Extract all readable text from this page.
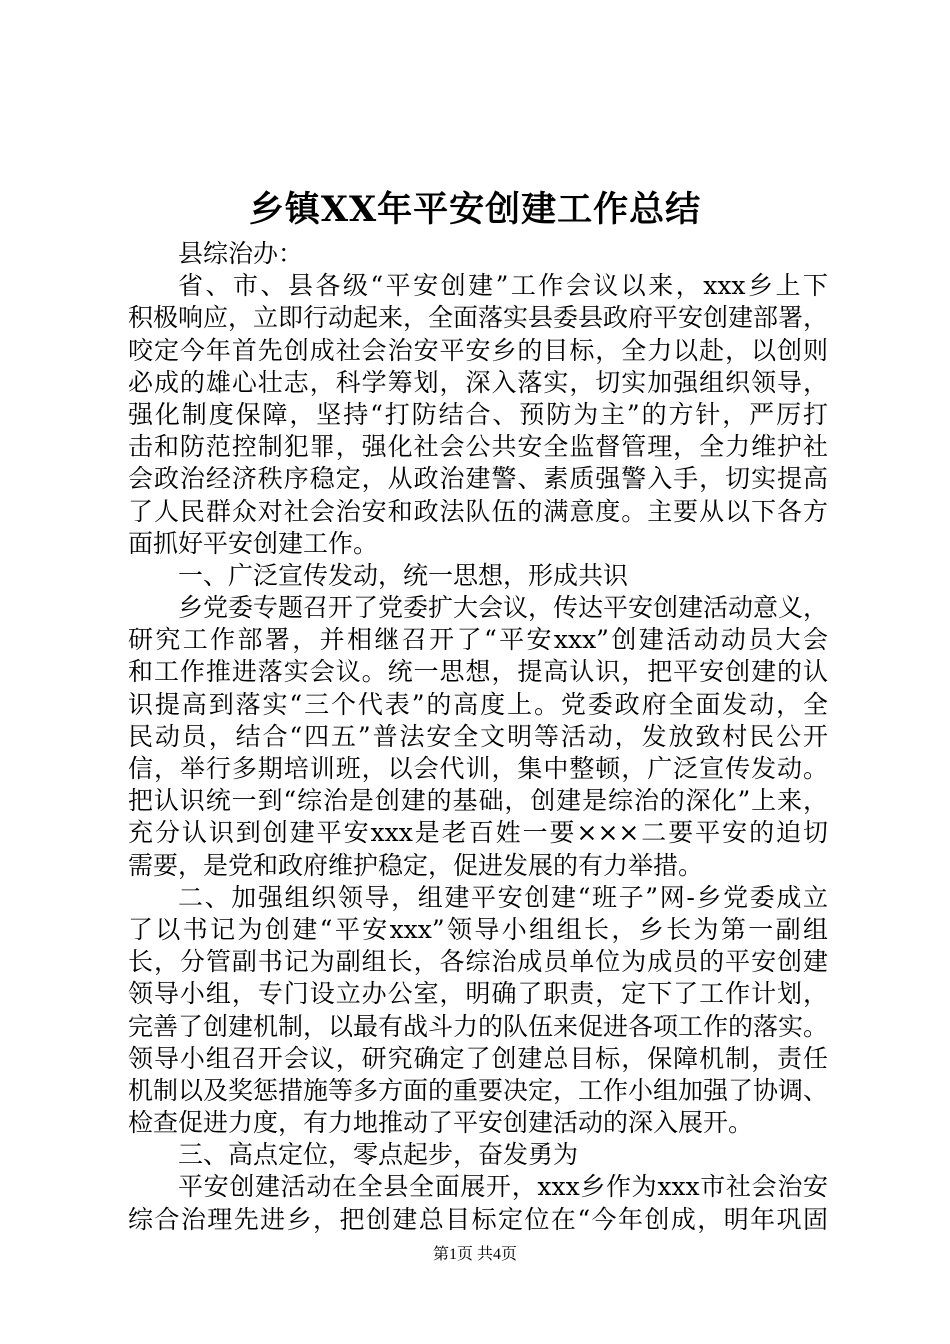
乡镇XX年平安创建工作总结
县综治办：
省、市、县各级“平安创建”工作会议以来，xxx乡上下
积极响应，立即行动起来，全面落实县委县政府平安创建部署，
咬定今年首先创成社会治安平安乡的目标，全力以赴，以创则
必成的雄心壮志，科学筹划，深入落实，切实加强组织领导，
强化制度保障，坚持“打防结合、预防为主”的方针，严厉打
击和防范控制犯罪，强化社会公共安全监督管理，全力维护社
会政治经济秩序稳定，从政治建警、素质强警入手，切实提高
了人民群众对社会治安和政法队伍的满意度。主要从以下各方
面抓好平安创建工作。
一、广泛宣传发动，统一思想，形成共识
乡党委专题召开了党委扩大会议，传达平安创建活动意义，
研究工作部署，并相继召开了“平安xxx”创建活动动员大会
和工作推进落实会议。统一思想，提高认识，把平安创建的认
识提高到落实“三个代表”的高度上。党委政府全面发动，全
民动员，结合“四五”普法安全文明等活动，发放致村民公开
信，举行多期培训班，以会代训，集中整顿，广泛宣传发动。
把认识统一到“综治是创建的基础，创建是综治的深化”上来，
充分认识到创建平安xxx是老百姓一要×××二要平安的迫切
需要，是党和政府维护稳定，促进发展的有力举措。
二、加强组织领导，组建平安创建“班子”网-乡党委成立
了以书记为创建“平安xxx”领导小组组长，乡长为第一副组
长，分管副书记为副组长，各综治成员单位为成员的平安创建
领导小组，专门设立办公室，明确了职责，定下了工作计划，
完善了创建机制，以最有战斗力的队伍来促进各项工作的落实。
领导小组召开会议，研究确定了创建总目标，保障机制，责任
机制以及奖惩措施等多方面的重要决定，工作小组加强了协调、
检查促进力度，有力地推动了平安创建活动的深入展开。
三、高点定位，零点起步，奋发勇为
平安创建活动在全县全面展开，xxx乡作为xxx市社会治安
综合治理先进乡，把创建总目标定位在“今年创成，明年巩固
第1页 共4页
